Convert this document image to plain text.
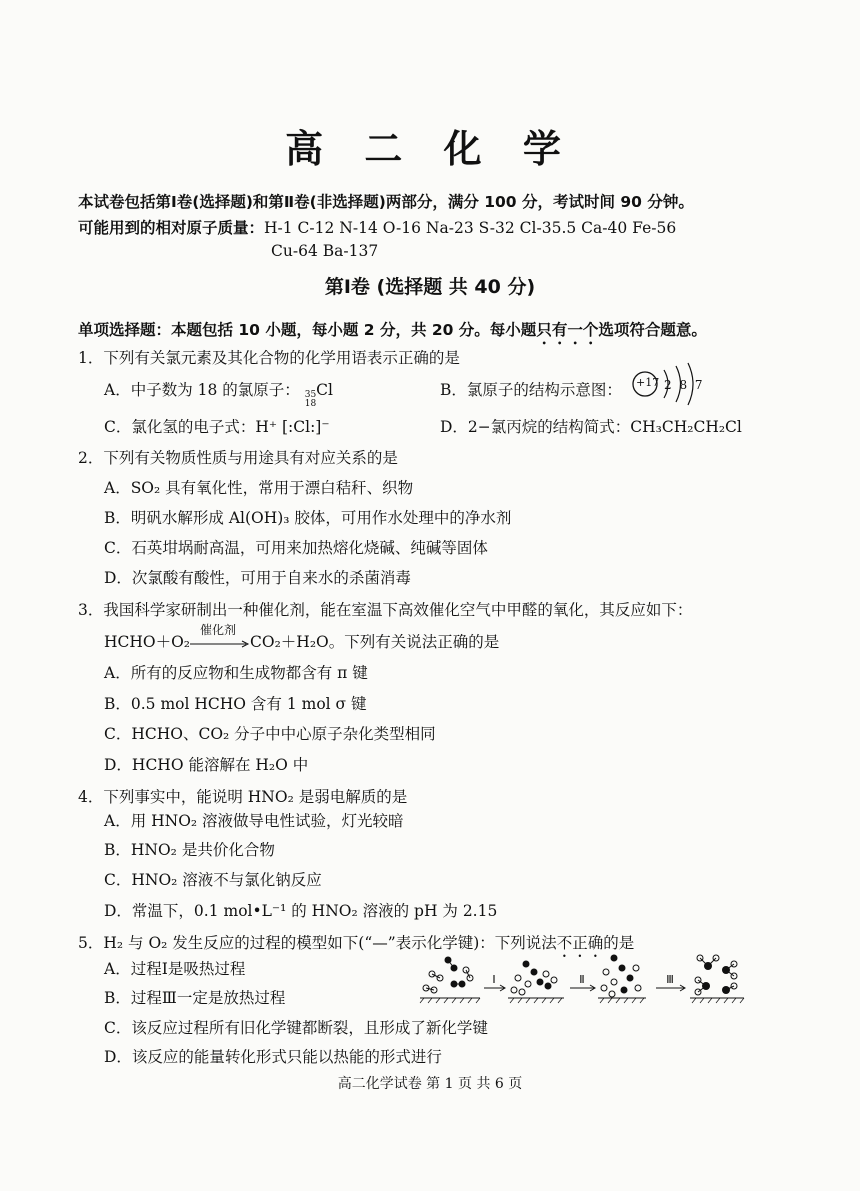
高 二 化 学
本试卷包括第Ⅰ卷(选择题)和第Ⅱ卷(非选择题)两部分，满分 100 分，考试时间 90 分钟。
可能用到的相对原子质量：H-1 C-12 N-14 O-16 Na-23 S-32 Cl-35.5 Ca-40 Fe-56
Cu-64 Ba-137
第Ⅰ卷 (选择题 共 40 分)
单项选择题：本题包括 10 小题，每小题 2 分，共 20 分。每小题只有一个选项符合题意。
1．下列有关氯元素及其化合物的化学用语表示正确的是
A．中子数为 18 的氯原子： 35
18
Cl	B．氯原子的结构示意图： +17 2 8 7
C．氯化氢的电子式：H⁺ [:Cl:]⁻	D．2−氯丙烷的结构简式：CH₃CH₂CH₂Cl
2．下列有关物质性质与用途具有对应关系的是
A．SO₂ 具有氧化性，常用于漂白秸秆、织物
B．明矾水解形成 Al(OH)₃ 胶体，可用作水处理中的净水剂
C．石英坩埚耐高温，可用来加热熔化烧碱、纯碱等固体
D．次氯酸有酸性，可用于自来水的杀菌消毒
3．我国科学家研制出一种催化剂，能在室温下高效催化空气中甲醛的氧化，其反应如下：
HCHO＋O₂
催化剂
CO₂＋H₂O。下列有关说法正确的是
A．所有的反应物和生成物都含有 π 键
B．0.5 mol HCHO 含有 1 mol σ 键
C．HCHO、CO₂ 分子中中心原子杂化类型相同
D．HCHO 能溶解在 H₂O 中
4．下列事实中，能说明 HNO₂ 是弱电解质的是
A．用 HNO₂ 溶液做导电性试验，灯光较暗
B．HNO₂ 是共价化合物
C．HNO₂ 溶液不与氯化钠反应
D．常温下，0.1 mol•L⁻¹ 的 HNO₂ 溶液的 pH 为 2.15
5．H₂ 与 O₂ 发生反应的过程的模型如下(“—”表示化学键)：下列说法不正确的是
A．过程Ⅰ是吸热过程
B．过程Ⅲ一定是放热过程
C．该反应过程所有旧化学键都断裂，且形成了新化学键
D．该反应的能量转化形式只能以热能的形式进行
Ⅰ	Ⅱ	Ⅲ
高二化学试卷 第 1 页 共 6 页
